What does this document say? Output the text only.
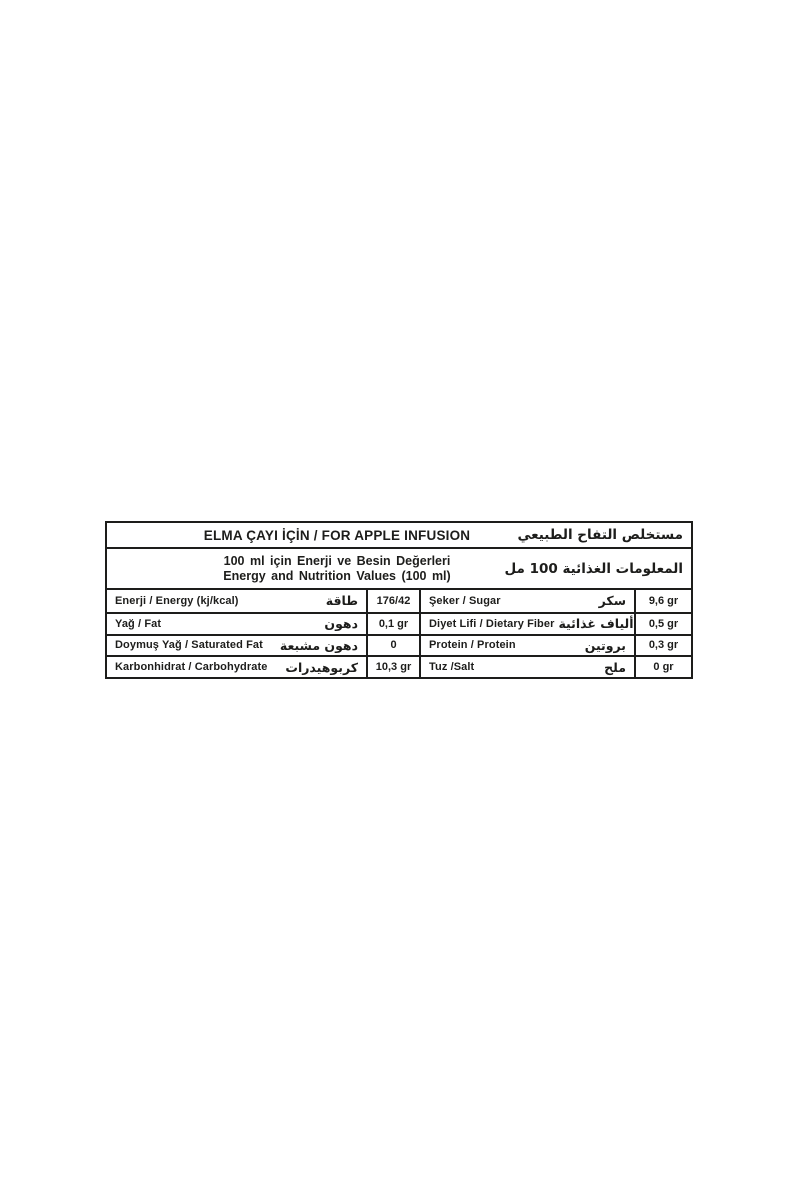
ELMA ÇAYI İÇİN / FOR APPLE INFUSION	مستخلص التفاح الطبيعي
100 ml için Enerji ve Besin Değerleri
Energy and Nutrition Values (100 ml)	المعلومات الغذائية 100 مل
Enerji / Energy (kj/kcal)	طاقة	176/42	Şeker / Sugar	سكر	9,6 gr
Yağ / Fat	دهون	0,1 gr	Diyet Lifi / Dietary Fiber ألياف غذائية	0,5 gr
Doymuş Yağ / Saturated Fat دهون مشبعة	0	Protein / Protein	بروتين	0,3 gr
Karbonhidrat / Carbohydrate كربوهيدرات	10,3 gr	Tuz /Salt	ملح	0 gr
